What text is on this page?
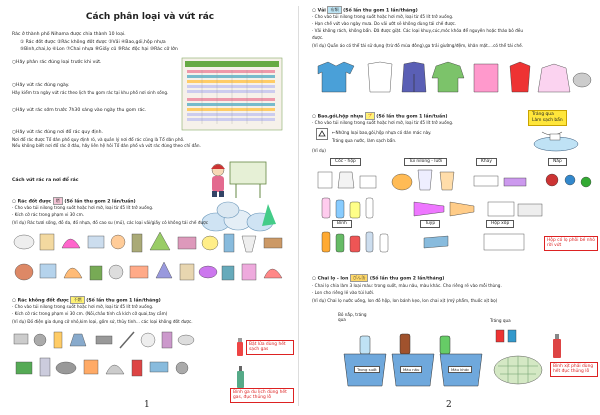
Cách phân loại và vứt rác
Rác ở thành phố Nihama được chia thành 10 loại.
① Rác đốt được ②Rác không đốt được ③Vải ④Bao,gói,hộp nhựa
⑤Bình,chai,lọ ⑥Lon ⑦Chai nhựa ⑧Giấy cũ ⑨Rác độc hại ⑩Rác cỡ lớn
○Hãy phân rác đúng loại trước khi vứt.
○Hãy vứt rác đúng ngày.
Hãy kiểm tra ngày vứt rác theo lịch thu gom rác tại khu phố nơi sinh sống.
○Hãy vứt rác sớm trước 7h30 sáng vào ngày thu gom rác.
○Hãy vứt rác đúng nơi đổ rác quy định.
Nơi đổ rác được Tổ dân phố quy định rõ, và quản lý nơi đổ rác cũng là Tổ dân phố.
Nếu không biết nơi đổ rác ở đâu, hãy liên hệ hỏi Tổ dân phố và vứt rác đúng theo chỉ dẫn.
Cách vứt rác ra nơi đổ rác
○ Rác đốt được 燃 (Số lần thu gom 2 lần/tuần)
· Cho vào túi nilong trong suốt hoặc hơi mờ, loại từ 45 lít trở xuống.
· Kích cỡ rác trong phạm vi 30 cm.
(Ví dụ) Rác tươi sống, đồ da, đồ nhựa, đồ cao su (mủ), các loại vải/giấy có không tái chế được
○ Rác không đốt được 不燃 (Số lần thu gom 1 lần/tháng)
· Cho vào túi nilong trong suốt hoặc hơi mờ, loại từ 45 lít trở xuống.
· Kích cỡ rác trong phạm vi 30 cm. (Nồi,chảo tính cả kích cỡ quai,tay cầm)
(Ví dụ) Đồ điện gia dụng cỡ nhỏ,kim loại, gốm sứ, thủy tinh... các loại không đốt được.
Bật lửa dùng hết sạch gas
Bình ga du lịch dùng hết gas, đục thủng lỗ
1
○ Vải 布類 (Số lần thu gom 1 lần/tháng)
· Cho vào túi nilong trong suốt hoặc hơi mờ, loại từ 45 lít trở xuống.
· Hạn chế vứt vào ngày mưa. Do vải ướt sẽ không dùng tái chế được.
· Vải không rách, không bẩn. Đã được giặt. Các loại khuy,cúc,móc khóa để nguyên hoặc tháo bỏ đều
được.
(Ví dụ) Quần áo có thể tái sử dụng (trừ đồ mùa đông),ga trải giường/đệm, khăn mặt....có thể tái chế.
○ Bao,gói,hộp nhựa プ (Số lần thu gom 1 lần/tuần)
· Cho vào túi nilong trong suốt hoặc hơi mờ, loại từ 45 lít trở xuống.
←Những loại bao,gói,hộp nhựa có dán mác này.
Tráng qua nước, làm sạch bẩn.
(Ví dụ)
Tráng qua
Làm sạch bẩn
Cốc - hộp	Túi nilong - lưới	Khay	Nắp
Bình	Tuýp	Hộp xốp
Hộp có lọ phôi bé nhỏ rời vứt
○ Chai lọ - lon びん缶 (Số lần thu gom 2 lần/tháng)
· Chai lọ chia làm 3 loại màu: trong suốt, màu nâu, màu khác. Cho riêng rẽ vào mỗi thùng.
· Lon cho riêng lẻ vào túi lưới.
(Ví dụ) Chai lọ nước uống, lon đồ hộp, lon bánh kẹo, lon chai xịt (mỹ phẩm, thuốc xịt bọ)
Bỏ nắp, tráng qua	Tráng qua
Trong suốt	Màu nâu	Màu khác
Bình xịt phải dùng hết đục thủng lỗ
2
